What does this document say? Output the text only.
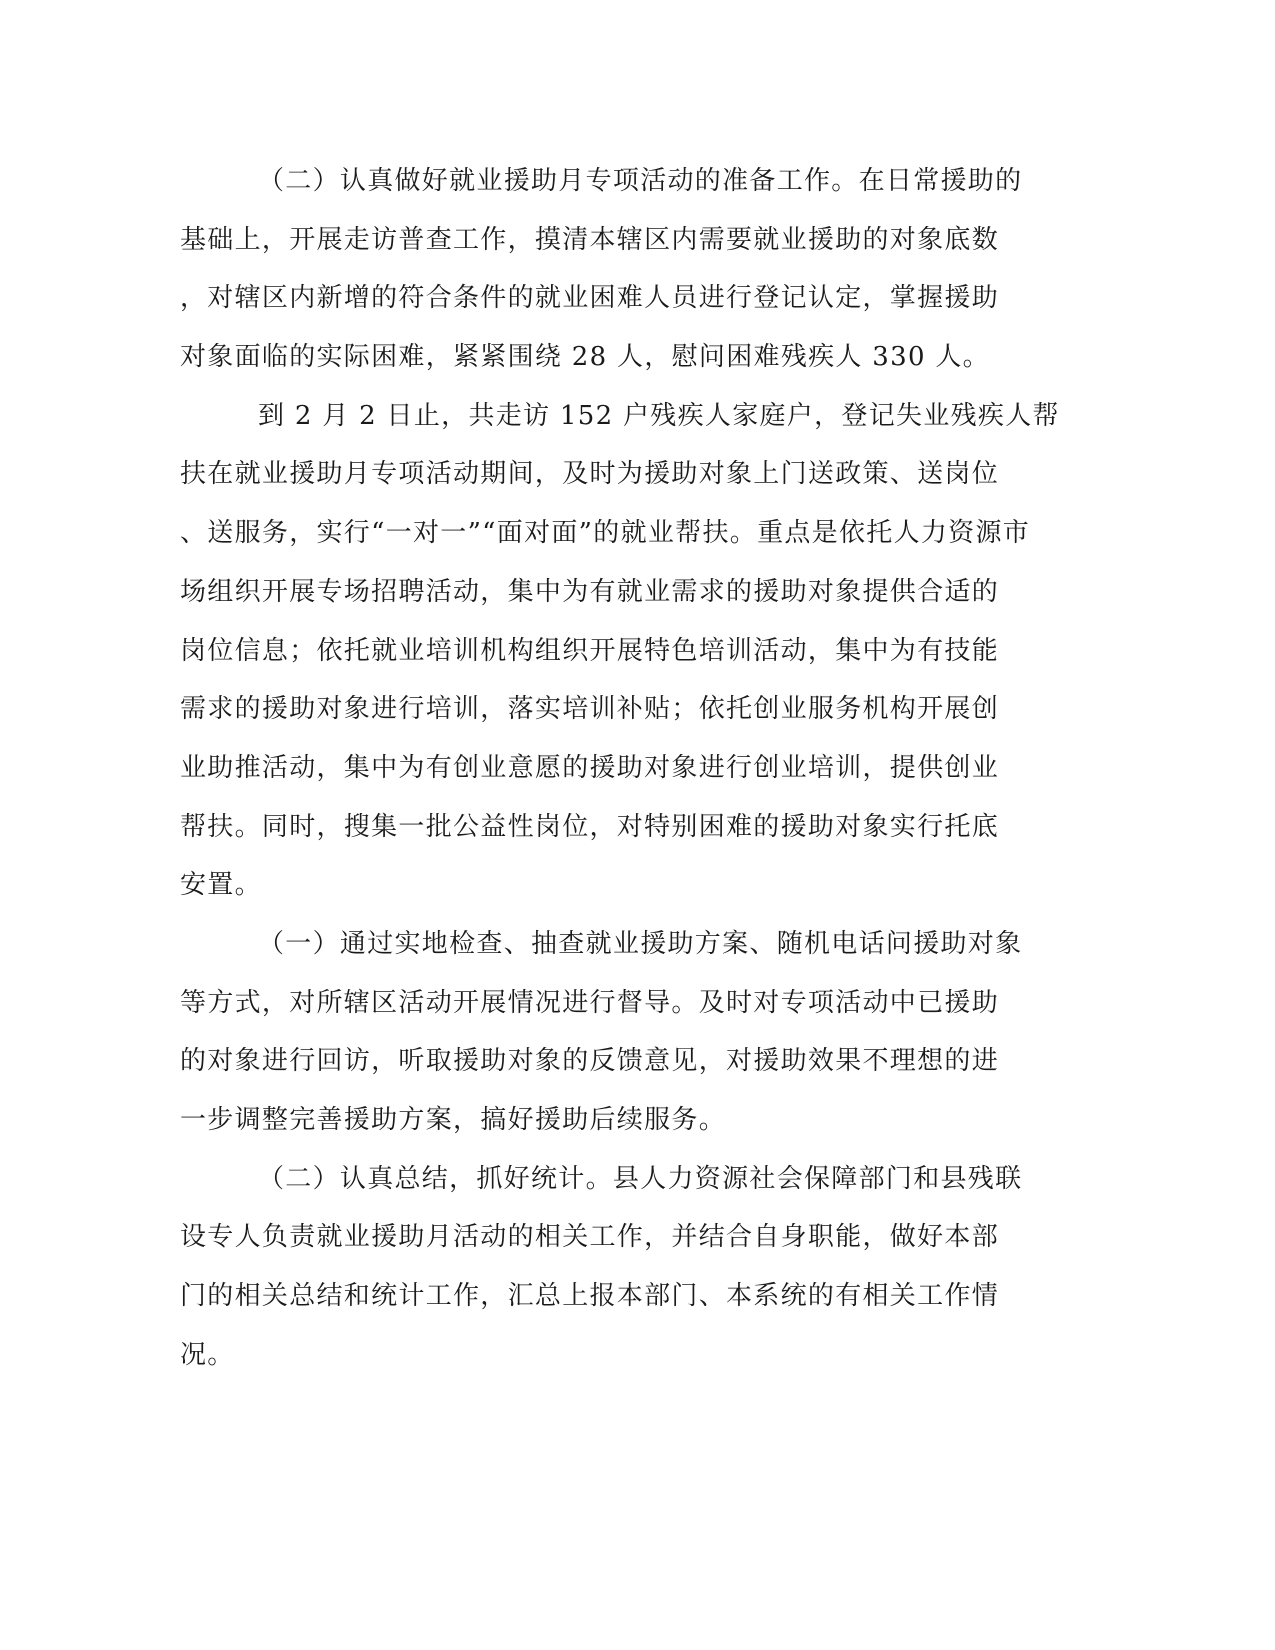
（二）认真做好就业援助月专项活动的准备工作。在日常援助的
基础上，开展走访普查工作，摸清本辖区内需要就业援助的对象底数
，对辖区内新增的符合条件的就业困难人员进行登记认定，掌握援助
对象面临的实际困难，紧紧围绕 28 人，慰问困难残疾人 330 人。
到 2 月 2 日止，共走访 152 户残疾人家庭户，登记失业残疾人帮
扶在就业援助月专项活动期间，及时为援助对象上门送政策、送岗位
、送服务，实行“一对一”“面对面”的就业帮扶。重点是依托人力资源市
场组织开展专场招聘活动，集中为有就业需求的援助对象提供合适的
岗位信息；依托就业培训机构组织开展特色培训活动，集中为有技能
需求的援助对象进行培训，落实培训补贴；依托创业服务机构开展创
业助推活动，集中为有创业意愿的援助对象进行创业培训，提供创业
帮扶。同时，搜集一批公益性岗位，对特别困难的援助对象实行托底
安置。
（一）通过实地检查、抽查就业援助方案、随机电话问援助对象
等方式，对所辖区活动开展情况进行督导。及时对专项活动中已援助
的对象进行回访，听取援助对象的反馈意见，对援助效果不理想的进
一步调整完善援助方案，搞好援助后续服务。
（二）认真总结，抓好统计。县人力资源社会保障部门和县残联
设专人负责就业援助月活动的相关工作，并结合自身职能，做好本部
门的相关总结和统计工作，汇总上报本部门、本系统的有相关工作情
况。
